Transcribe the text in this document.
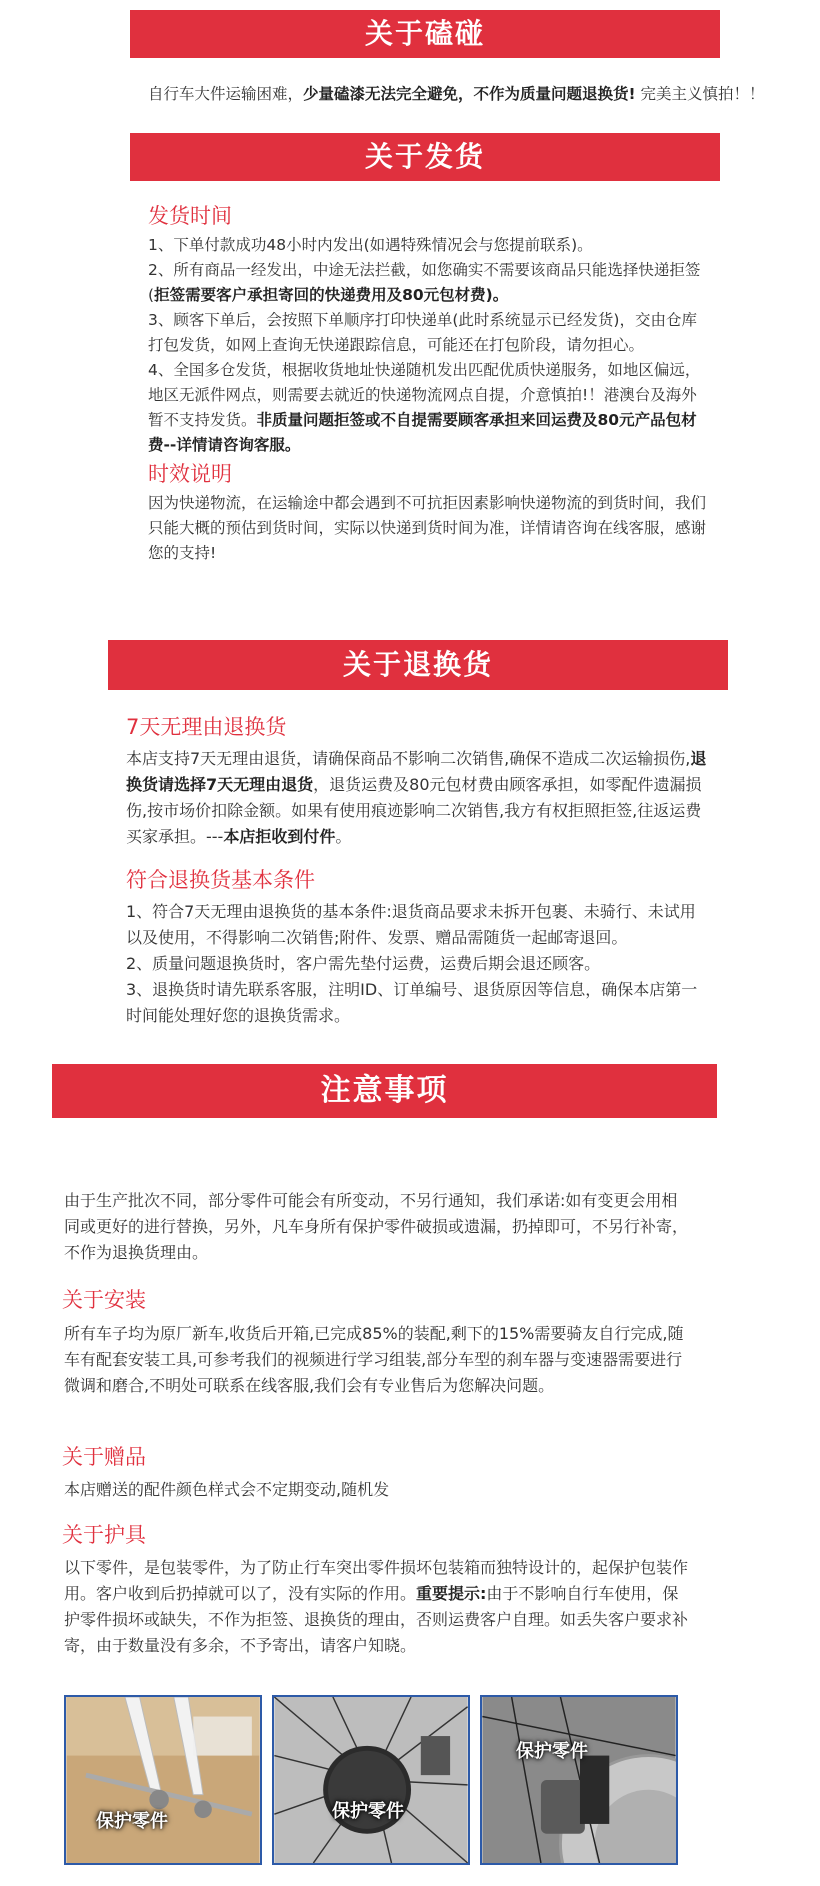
关于磕碰
自行车大件运输困难，少量磕漆无法完全避免，不作为质量问题退换货! 完美主义慎拍！！
关于发货
发货时间
1、下单付款成功48小时内发出(如遇特殊情况会与您提前联系)。
2、所有商品一经发出，中途无法拦截，如您确实不需要该商品只能选择快递拒签(拒签需要客户承担寄回的快递费用及80元包材费)。
3、顾客下单后，会按照下单顺序打印快递单(此时系统显示已经发货)，交由仓库打包发货，如网上查询无快递跟踪信息，可能还在打包阶段，请勿担心。
4、全国多仓发货，根据收货地址快递随机发出匹配优质快递服务，如地区偏远，地区无派件网点，则需要去就近的快递物流网点自提，介意慎拍!！港澳台及海外暂不支持发货。非质量问题拒签或不自提需要顾客承担来回运费及80元产品包材费--详情请咨询客服。
时效说明
因为快递物流，在运输途中都会遇到不可抗拒因素影响快递物流的到货时间，我们只能大概的预估到货时间，实际以快递到货时间为准，详情请咨询在线客服，感谢您的支持!
关于退换货
7天无理由退换货
本店支持7天无理由退货，请确保商品不影响二次销售,确保不造成二次运输损伤,退换货请选择7天无理由退货，退货运费及80元包材费由顾客承担，如零配件遗漏损伤,按市场价扣除金额。如果有使用痕迹影响二次销售,我方有权拒照拒签,往返运费买家承担。---本店拒收到付件。
符合退换货基本条件
1、符合7天无理由退换货的基本条件:退货商品要求未拆开包裹、未骑行、未试用以及使用，不得影响二次销售;附件、发票、赠品需随货一起邮寄退回。
2、质量问题退换货时，客户需先垫付运费，运费后期会退还顾客。
3、退换货时请先联系客服，注明ID、订单编号、退货原因等信息，确保本店第一时间能处理好您的退换货需求。
注意事项
由于生产批次不同，部分零件可能会有所变动，不另行通知，我们承诺:如有变更会用相同或更好的进行替换，另外，凡车身所有保护零件破损或遗漏，扔掉即可，不另行补寄，不作为退换货理由。
关于安装
所有车子均为原厂新车,收货后开箱,已完成85%的装配,剩下的15%需要骑友自行完成,随车有配套安装工具,可参考我们的视频进行学习组装,部分车型的刹车器与变速器需要进行微调和磨合,不明处可联系在线客服,我们会有专业售后为您解决问题。
关于赠品
本店赠送的配件颜色样式会不定期变动,随机发
关于护具
以下零件，是包装零件，为了防止行车突出零件损坏包装箱而独特设计的，起保护包装作用。客户收到后扔掉就可以了，没有实际的作用。重要提示:由于不影响自行车使用，保护零件损坏或缺失，不作为拒签、退换货的理由，否则运费客户自理。如丢失客户要求补寄，由于数量没有多余，不予寄出，请客户知晓。
保护零件	保护零件
保护零件
